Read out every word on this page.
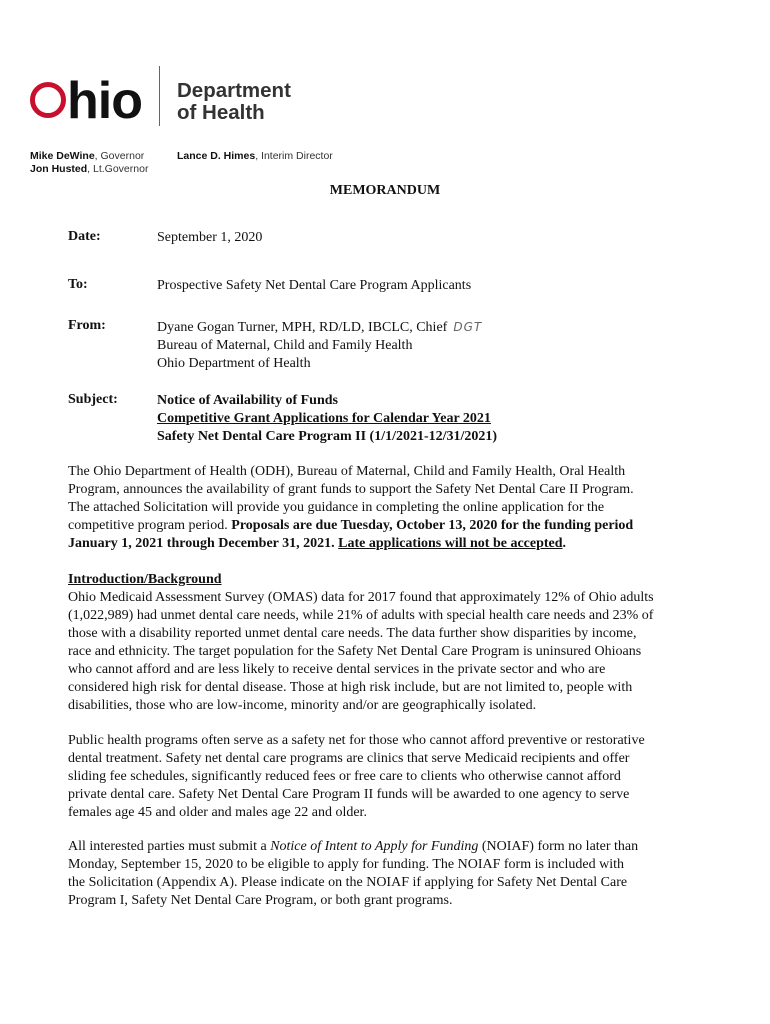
hio Department
of Health
Mike DeWine, Governor
Jon Husted, Lt.Governor
Lance D. Himes, Interim Director
MEMORANDUM
Date:	September 1, 2020
To:	Prospective Safety Net Dental Care Program Applicants
From:	Dyane Gogan Turner, MPH, RD/LD, IBCLC, Chief DGT
Bureau of Maternal, Child and Family Health
Ohio Department of Health
Subject:	Notice of Availability of Funds
Competitive Grant Applications for Calendar Year 2021
Safety Net Dental Care Program II (1/1/2021-12/31/2021)
The Ohio Department of Health (ODH), Bureau of Maternal, Child and Family Health, Oral Health
Program, announces the availability of grant funds to support the Safety Net Dental Care II Program.
The attached Solicitation will provide you guidance in completing the online application for the
competitive program period. Proposals are due Tuesday, October 13, 2020 for the funding period
January 1, 2021 through December 31, 2021. Late applications will not be accepted.
Introduction/Background
Ohio Medicaid Assessment Survey (OMAS) data for 2017 found that approximately 12% of Ohio adults
(1,022,989) had unmet dental care needs, while 21% of adults with special health care needs and 23% of
those with a disability reported unmet dental care needs. The data further show disparities by income,
race and ethnicity. The target population for the Safety Net Dental Care Program is uninsured Ohioans
who cannot afford and are less likely to receive dental services in the private sector and who are
considered high risk for dental disease. Those at high risk include, but are not limited to, people with
disabilities, those who are low-income, minority and/or are geographically isolated.
Public health programs often serve as a safety net for those who cannot afford preventive or restorative
dental treatment. Safety net dental care programs are clinics that serve Medicaid recipients and offer
sliding fee schedules, significantly reduced fees or free care to clients who otherwise cannot afford
private dental care. Safety Net Dental Care Program II funds will be awarded to one agency to serve
females age 45 and older and males age 22 and older.
All interested parties must submit a Notice of Intent to Apply for Funding (NOIAF) form no later than
Monday, September 15, 2020 to be eligible to apply for funding. The NOIAF form is included with
the Solicitation (Appendix A). Please indicate on the NOIAF if applying for Safety Net Dental Care
Program I, Safety Net Dental Care Program, or both grant programs.
